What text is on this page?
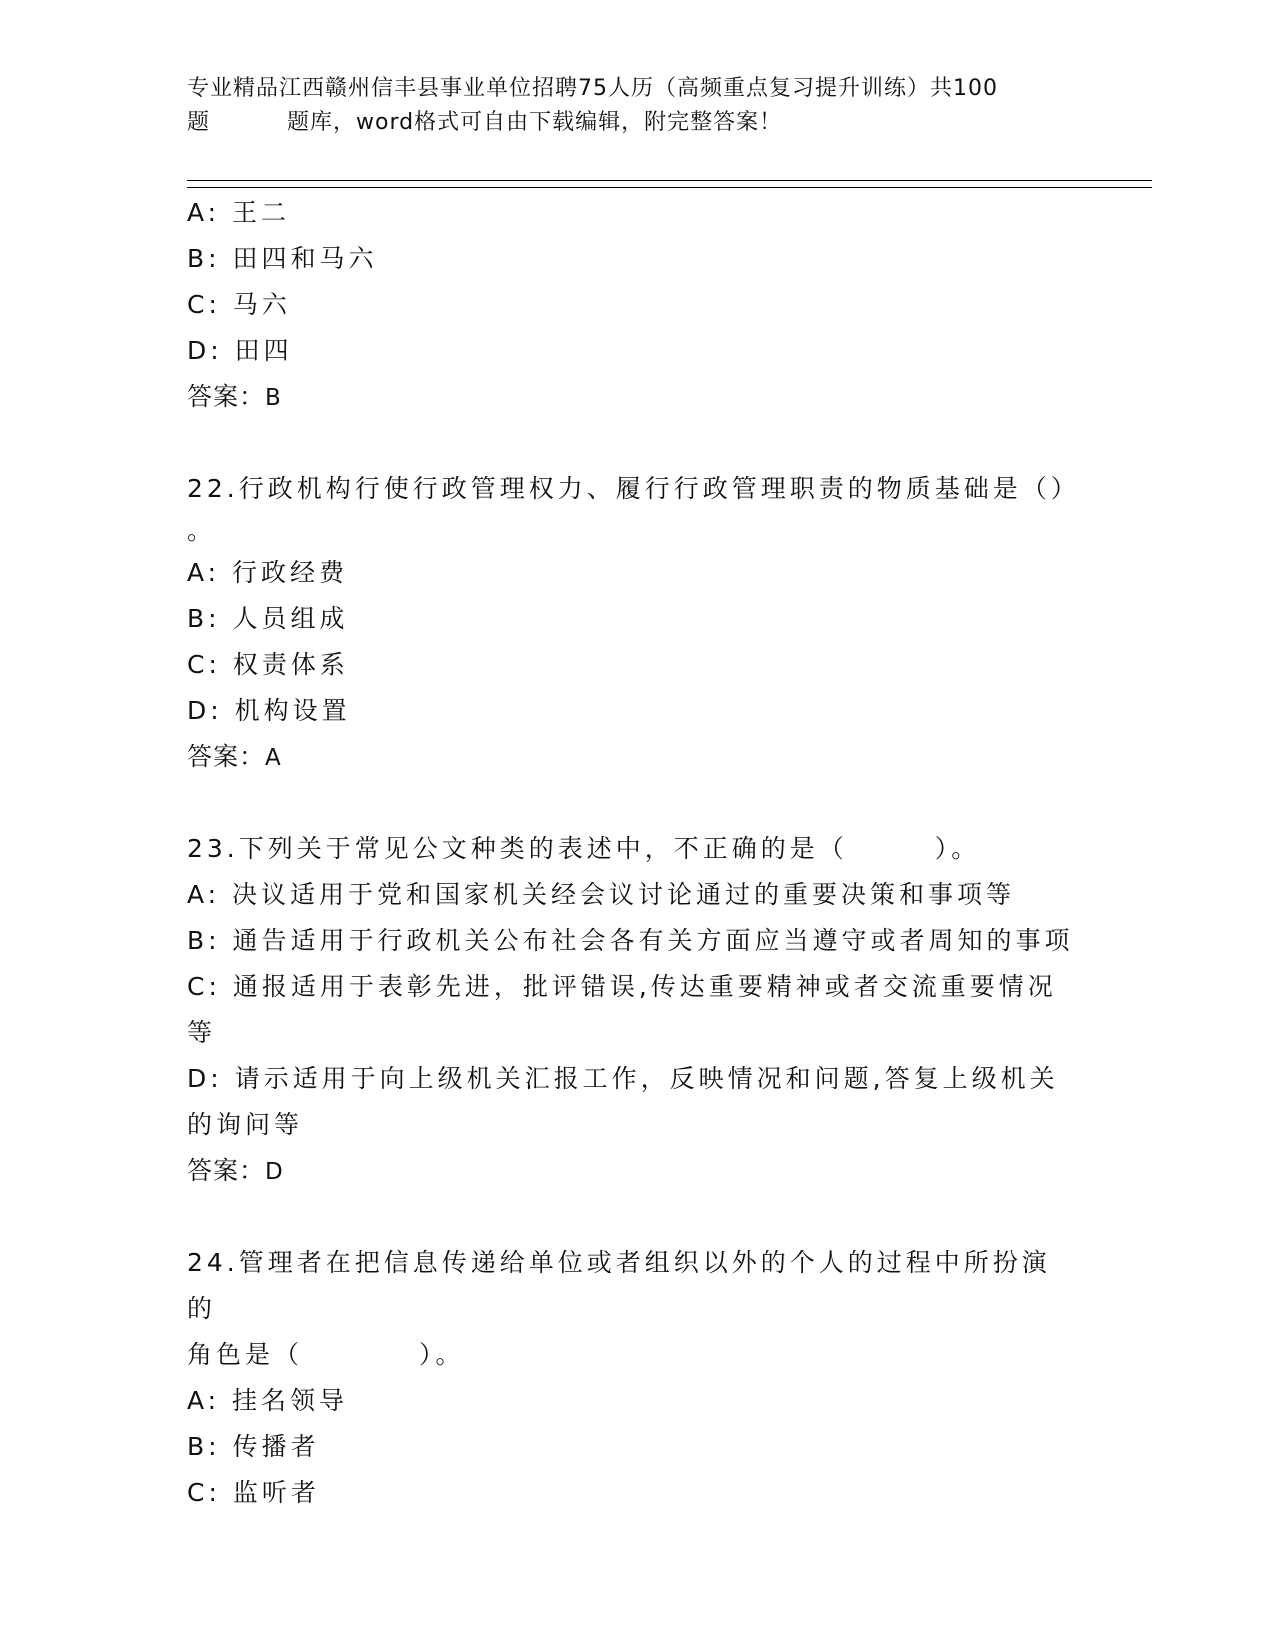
专业精品江西赣州信丰县事业单位招聘75人历（高频重点复习提升训练）共100
题	题库，word格式可自由下载编辑，附完整答案！
A: 王二
B: 田四和马六
C: 马六
D: 田四
答案：B
22.行政机构行使行政管理权力、履行行政管理职责的物质基础是（）
。
A: 行政经费
B: 人员组成
C: 权责体系
D: 机构设置
答案：A
23.下列关于常见公文种类的表述中，不正确的是（　　　）。
A: 决议适用于党和国家机关经会议讨论通过的重要决策和事项等
B: 通告适用于行政机关公布社会各有关方面应当遵守或者周知的事项
C: 通报适用于表彰先进，批评错误,传达重要精神或者交流重要情况
等
D: 请示适用于向上级机关汇报工作，反映情况和问题,答复上级机关
的询问等
答案：D
24.管理者在把信息传递给单位或者组织以外的个人的过程中所扮演的
角色是（　　　　）。
A: 挂名领导
B: 传播者
C: 监听者
